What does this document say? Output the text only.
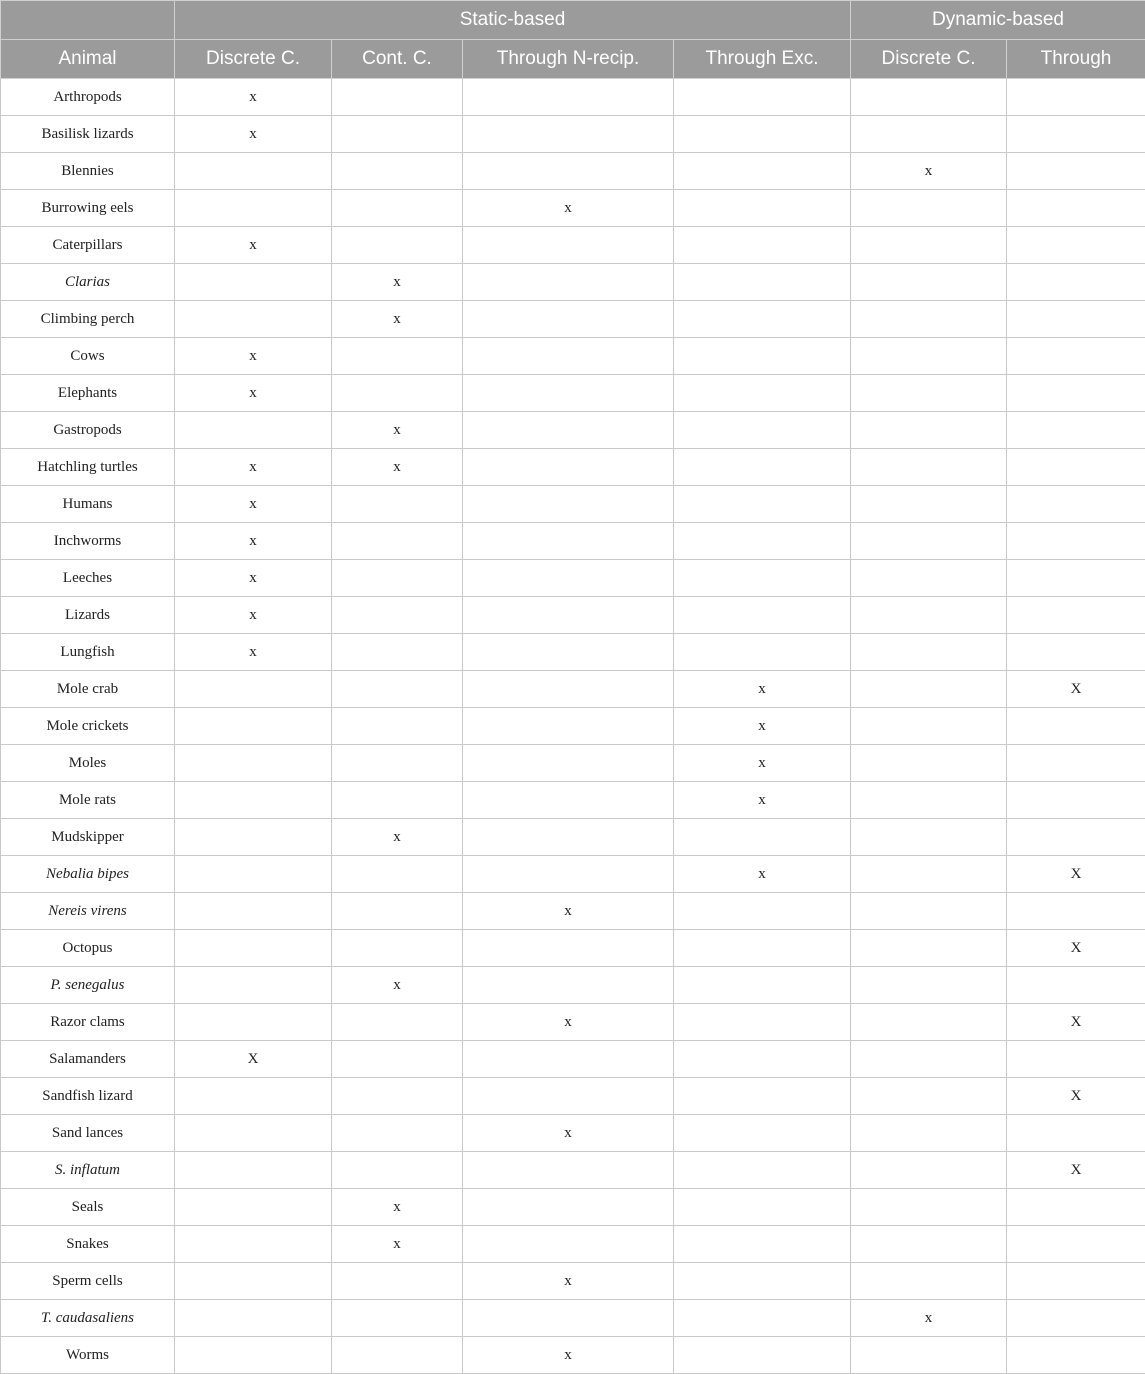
	Static-based				Dynamic-based	
Animal	Discrete C.	Cont. C.	Through N-recip.	Through Exc.	Discrete C.	Through
Arthropods	x					
Basilisk lizards	x					
Blennies					x	
Burrowing eels			x			
Caterpillars	x					
Clarias		x				
Climbing perch		x				
Cows	x					
Elephants	x					
Gastropods		x				
Hatchling turtles	x	x				
Humans	x					
Inchworms	x					
Leeches	x					
Lizards	x					
Lungfish	x					
Mole crab				x		X
Mole crickets				x		
Moles				x		
Mole rats				x		
Mudskipper		x				
Nebalia bipes				x		X
Nereis virens			x			
Octopus						X
P. senegalus		x				
Razor clams			x			X
Salamanders	X					
Sandfish lizard						X
Sand lances			x			
S. inflatum						X
Seals		x				
Snakes		x				
Sperm cells			x			
T. caudasaliens					x	
Worms			x			
